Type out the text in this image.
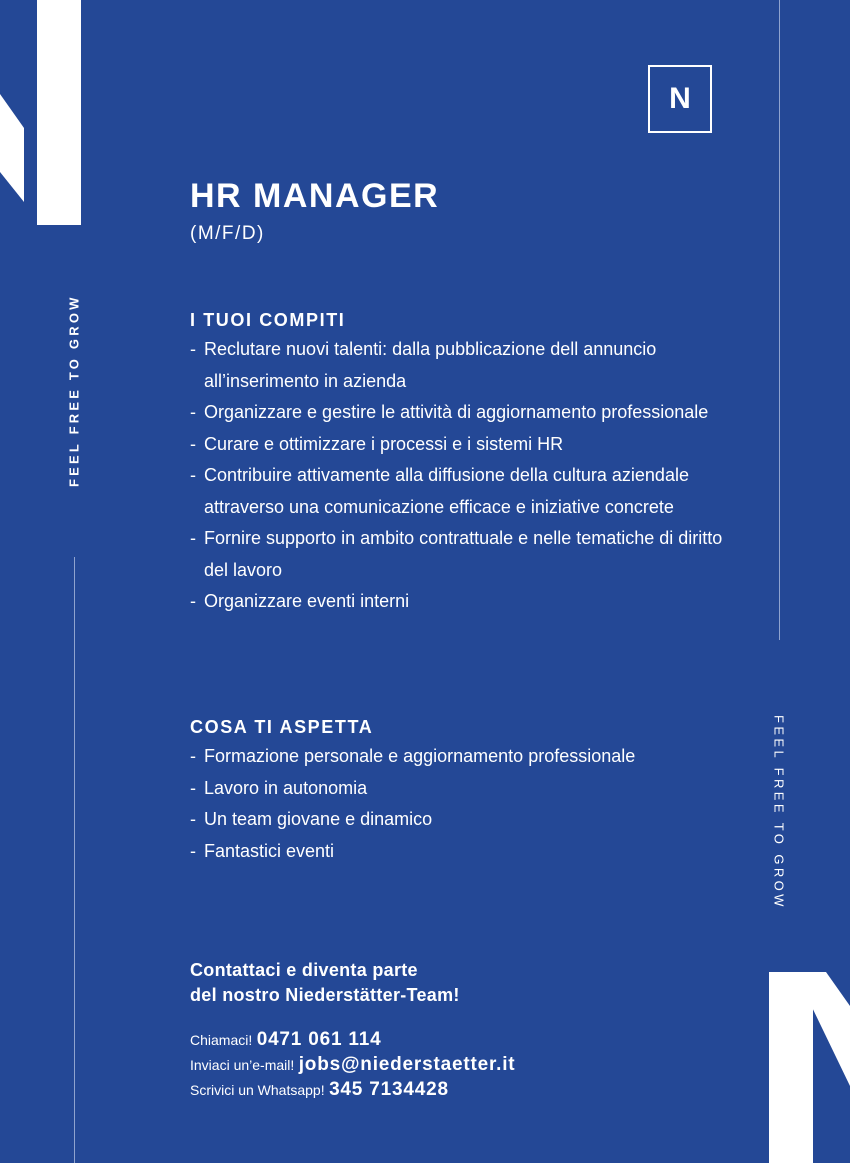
FEEL FREE TO GROW
FEEL FREE TO GROW
N
HR MANAGER
(M/F/D)
I TUOI COMPITI
- Reclutare nuovi talenti: dalla pubblicazione dell annuncio all’inserimento in azienda
- Organizzare e gestire le attività di aggiornamento professionale
- Curare e ottimizzare i processi e i sistemi HR
- Contribuire attivamente alla diffusione della cultura aziendale attraverso una comunicazione efficace e iniziative concrete
- Fornire supporto in ambito contrattuale e nelle tematiche di diritto del lavoro
- Organizzare eventi interni
COSA TI ASPETTA
- Formazione personale e aggiornamento professionale
- Lavoro in autonomia
- Un team giovane e dinamico
- Fantastici eventi
Contattaci e diventa parte
del nostro Niederstätter-Team!
Chiamaci! 0471 061 114
Inviaci un’e-mail! jobs@niederstaetter.it
Scrivici un Whatsapp! 345 7134428
